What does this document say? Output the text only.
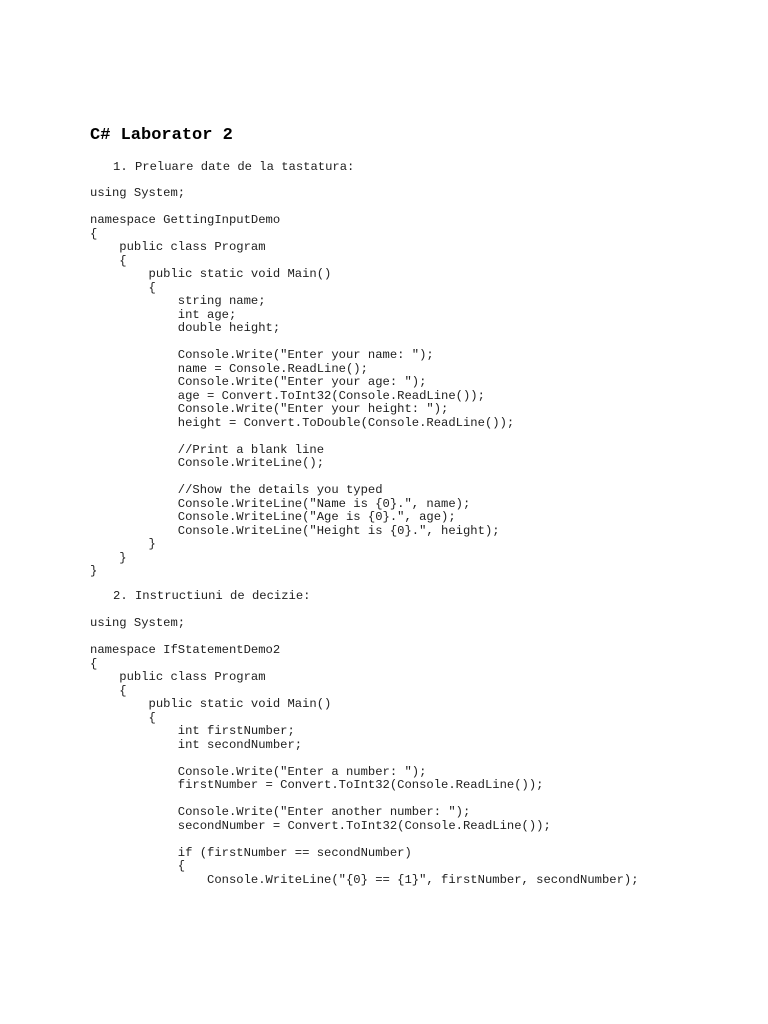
C# Laborator 2
1. Preluare date de la tastatura:
using System;
namespace GettingInputDemo
{
public class Program
{
public static void Main()
{
string name;
int age;
double height;
Console.Write("Enter your name: ");
name = Console.ReadLine();
Console.Write("Enter your age: ");
age = Convert.ToInt32(Console.ReadLine());
Console.Write("Enter your height: ");
height = Convert.ToDouble(Console.ReadLine());
//Print a blank line
Console.WriteLine();
//Show the details you typed
Console.WriteLine("Name is {0}.", name);
Console.WriteLine("Age is {0}.", age);
Console.WriteLine("Height is {0}.", height);
}
}
}
2. Instructiuni de decizie:
using System;
namespace IfStatementDemo2
{
public class Program
{
public static void Main()
{
int firstNumber;
int secondNumber;
Console.Write("Enter a number: ");
firstNumber = Convert.ToInt32(Console.ReadLine());
Console.Write("Enter another number: ");
secondNumber = Convert.ToInt32(Console.ReadLine());
if (firstNumber == secondNumber)
{
Console.WriteLine("{0} == {1}", firstNumber, secondNumber);
